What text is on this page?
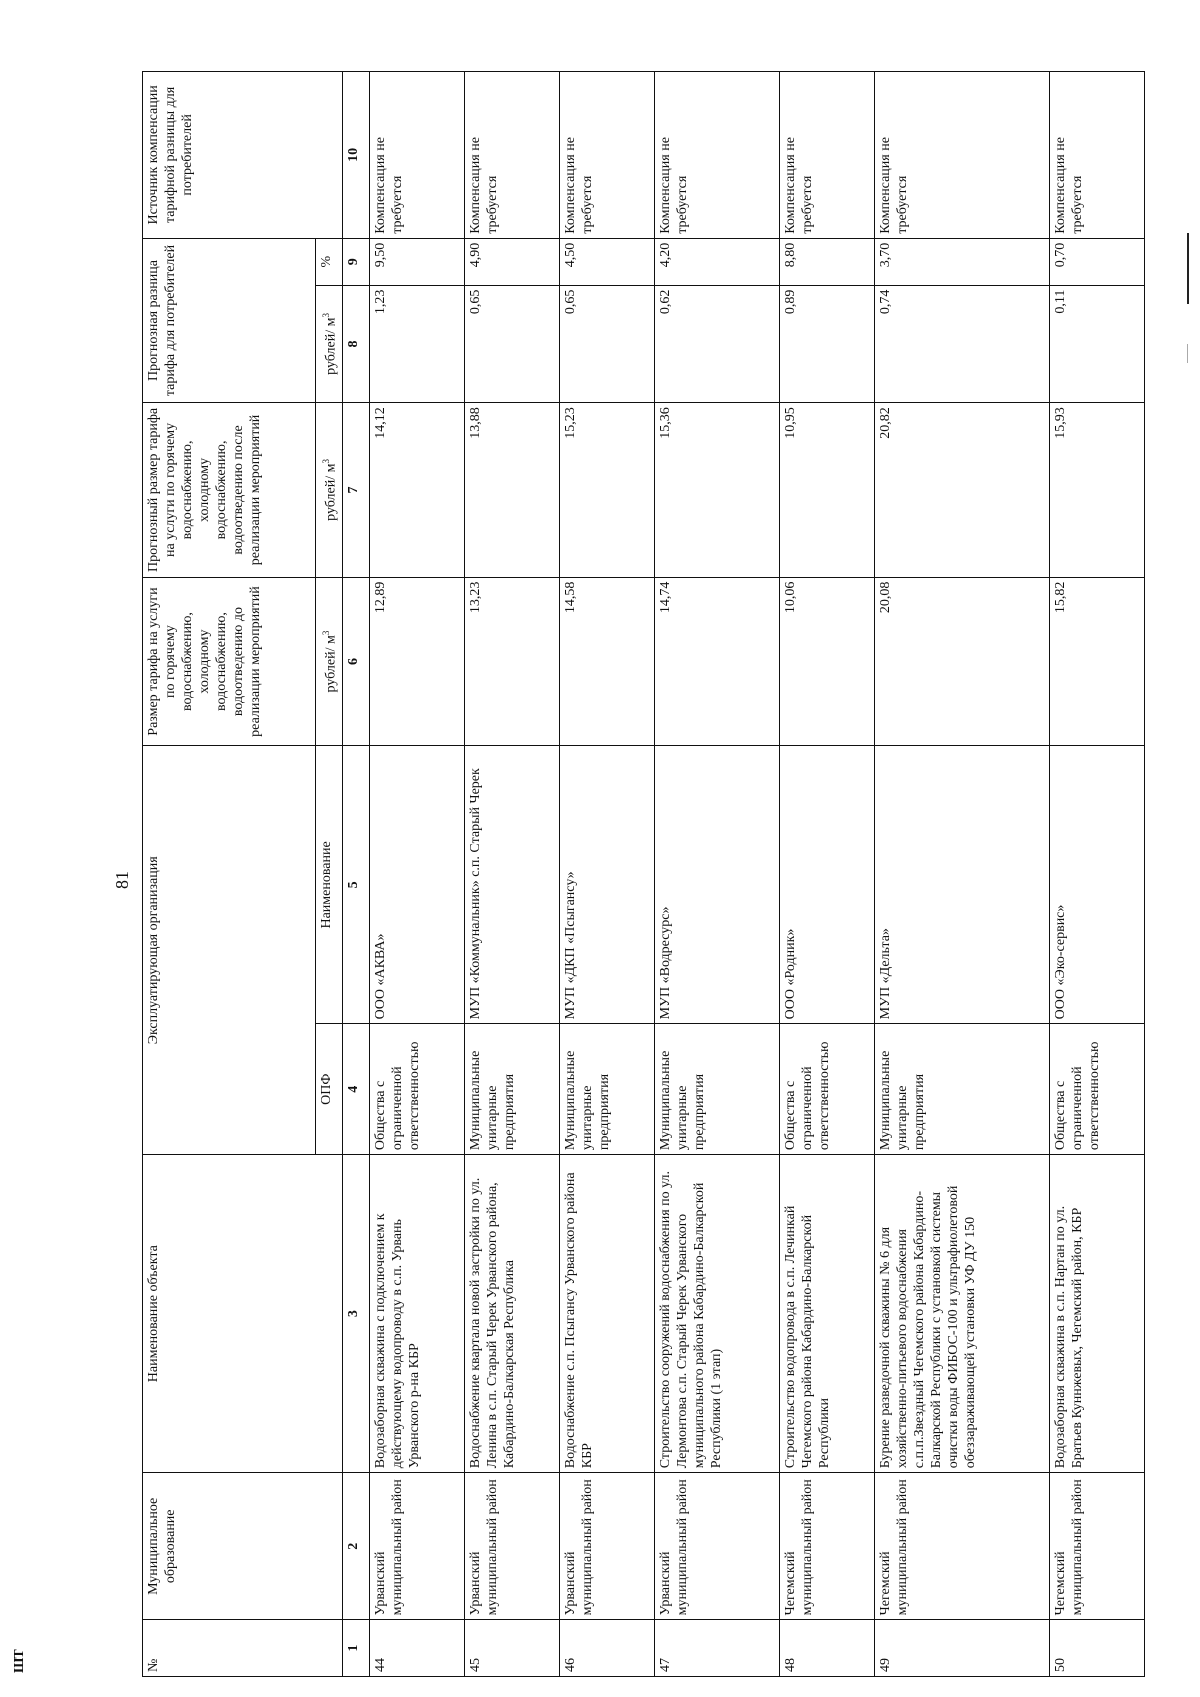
ШТ
81
№	Муниципальное образование	Наименование объекта	Эксплуатирующая организация		Размер тарифа на услуги по горячему водоснабжению, холодному водоснабжению, водоотведению до реализации мероприятий	Прогнозный размер тарифа на услуги по горячему водоснабжению, холодному водоснабжению, водоотведению после реализации мероприятий	Прогнозная разница тарифа для потребителей		Источник компенсации тарифной разницы для потребителей
			ОПФ	Наименование	рублей/ $м^3$	рублей/ $м^3$	рублей/ $м^3$	%	
1	2	3	4	5	6	7	8	9	10
44	Урванский муниципальный район	Водозаборная скважина с подключением к действующему водопроводу в с.п. Урвань Урванского р-на КБР	Общества с ограниченной ответственностью	ООО «АКВА»	12,89	14,12	1,23	9,50	Компенсация не требуется
45	Урванский муниципальный район	Водоснабжение квартала новой застройки по ул. Ленина в с.п. Старый Черек Урванского района, Кабардино-Балкарская Республика	Муниципальные унитарные предприятия	МУП «Коммунальник» с.п. Старый Черек	13,23	13,88	0,65	4,90	Компенсация не требуется
46	Урванский муниципальный район	Водоснабжение с.п. Псыгансу Урванского района КБР	Муниципальные унитарные предприятия	МУП «ДКП «Псыгансу»	14,58	15,23	0,65	4,50	Компенсация не требуется
47	Урванский муниципальный район	Строительство сооружений водоснабжения по ул. Лермонтова с.п. Старый Черек Урванского муниципального района Кабардино-Балкарской Республики (1 этап)	Муниципальные унитарные предприятия	МУП «Водресурс»	14,74	15,36	0,62	4,20	Компенсация не требуется
48	Чегемский муниципальный район	Строительство водопровода в с.п. Лечинкай Чегемского района Кабардино-Балкарской Республики	Общества с ограниченной ответственностью	ООО «Родник»	10,06	10,95	0,89	8,80	Компенсация не требуется
49	Чегемский муниципальный район	Бурение разведочной скважины № 6 для хозяйственно-питьевого водоснабжения с.п.п.Звездный Чегемского района Кабардино-Балкарской Республики с установкой системы очистки воды ФИБОС-100 и ультрафиолетовой обеззараживающей установки УФ ДУ 150	Муниципальные унитарные предприятия	МУП «Дельта»	20,08	20,82	0,74	3,70	Компенсация не требуется
50	Чегемский муниципальный район	Водозаборная скважина в с.п. Нартан по ул. Братьев Куннжевых, Чегемский район, КБР	Общества с ограниченной ответственностью	ООО «Эко-сервис»	15,82	15,93	0,11	0,70	Компенсация не требуется
